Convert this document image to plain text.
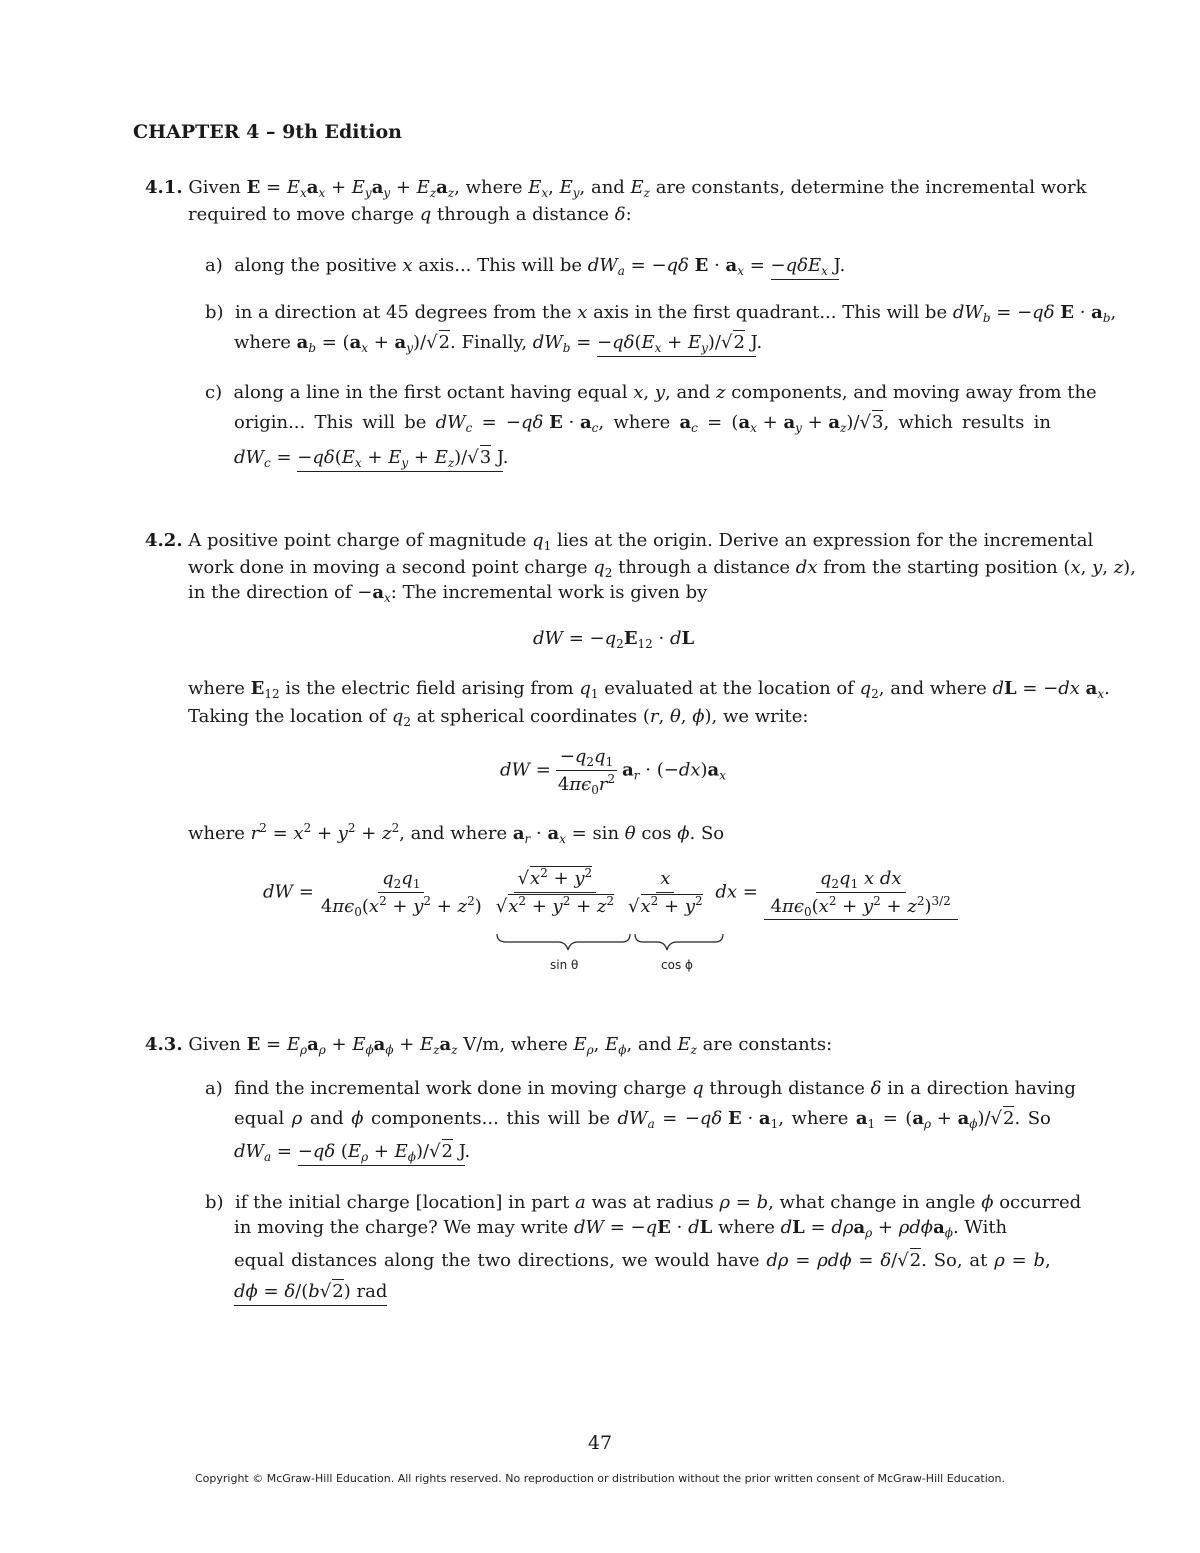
CHAPTER 4 – 9th Edition
4.1. Given $E = E_xa_x + E_ya_y + E_za_z$, where $E_x$, $E_y$, and $E_z$ are constants, determine the incremental work
required to move charge q through a distance δ:
a)  along the positive x axis... This will be $dW_a = -q\delta$ $E \cdot a_x = -q\delta E_x$ J.
b)  in a direction at 45 degrees from the x axis in the first quadrant... This will be $dW_b = -q\delta$ $E \cdot a_b$,
where $a_b = (a_x + a_y)/√2$. Finally, $dW_b = -q\delta(E_x + E_y)/√2$ J.
c)  along a line in the first octant having equal x, y, and z components, and moving away from the
origin... This will be $dW_c = -q\delta$ $E \cdot a_c$, where $a_c = (a_x + a_y + a_z)/√3$, which results in
$dW_c = -q\delta(E_x + E_y + E_z)/√3$ J.
4.2. A positive point charge of magnitude $q_1$ lies at the origin. Derive an expression for the incremental
work done in moving a second point charge $q_2$ through a distance dx from the starting position (x, y, z),
in the direction of $-a_x$: The incremental work is given by
dW = $-q_2E_{12}$ · dL
where $E_{12}$ is the electric field arising from $q_1$ evaluated at the location of $q_2$, and where dL = −dx $a_x$.
Taking the location of $q_2$ at spherical coordinates (r, θ, ϕ), we write:
dW = $\frac{-q_2q_1}{4\pi\epsilon_0r^2} a_r \cdot (-dx)a_x$
where $r^2 = x^2 + y^2 + z^2$, and where $a_r \cdot a_x = \sin \theta$ cos ϕ. So
dW = $\frac{q_2q_1}{4\pi\epsilon_0(x^2 + y^2 + z^2)} \frac{√x^2 + y^2}{√x^2 + y^2 + z^2} \frac{x}{√x^2 + y^2}$ dx = $\frac{q_2q_1 x dx}{4\pi\epsilon_0(x^2 + y^2 + z^2)^{3/2}}$
sin θ	cos ϕ
4.3. Given $E = E_\rho a_\rho + E_\phi a_\phi + E_za_z$ V/m, where $E_\rho$, $E_\phi$, and $E_z$ are constants:
a)  find the incremental work done in moving charge q through distance δ in a direction having
equal ρ and ϕ components... this will be $dW_a = -q\delta$ $E \cdot a_1$, where $a_1 = (a_\rho + a_\phi)/√2$. So
$dW_a = -q\delta$ $(E_\rho + E_\phi)/√2$ J.
b)  if the initial charge [location] in part a was at radius ρ = b, what change in angle ϕ occurred
in moving the charge? We may write dW = −qE · dL where dL = dρa$_\rho$ + ρdϕa$_\phi$. With
equal distances along the two directions, we would have dρ = ρdϕ = δ/√2. So, at ρ = b,
dϕ = δ/(b√2) rad
47
Copyright © McGraw-Hill Education. All rights reserved. No reproduction or distribution without the prior written consent of McGraw-Hill Education.
